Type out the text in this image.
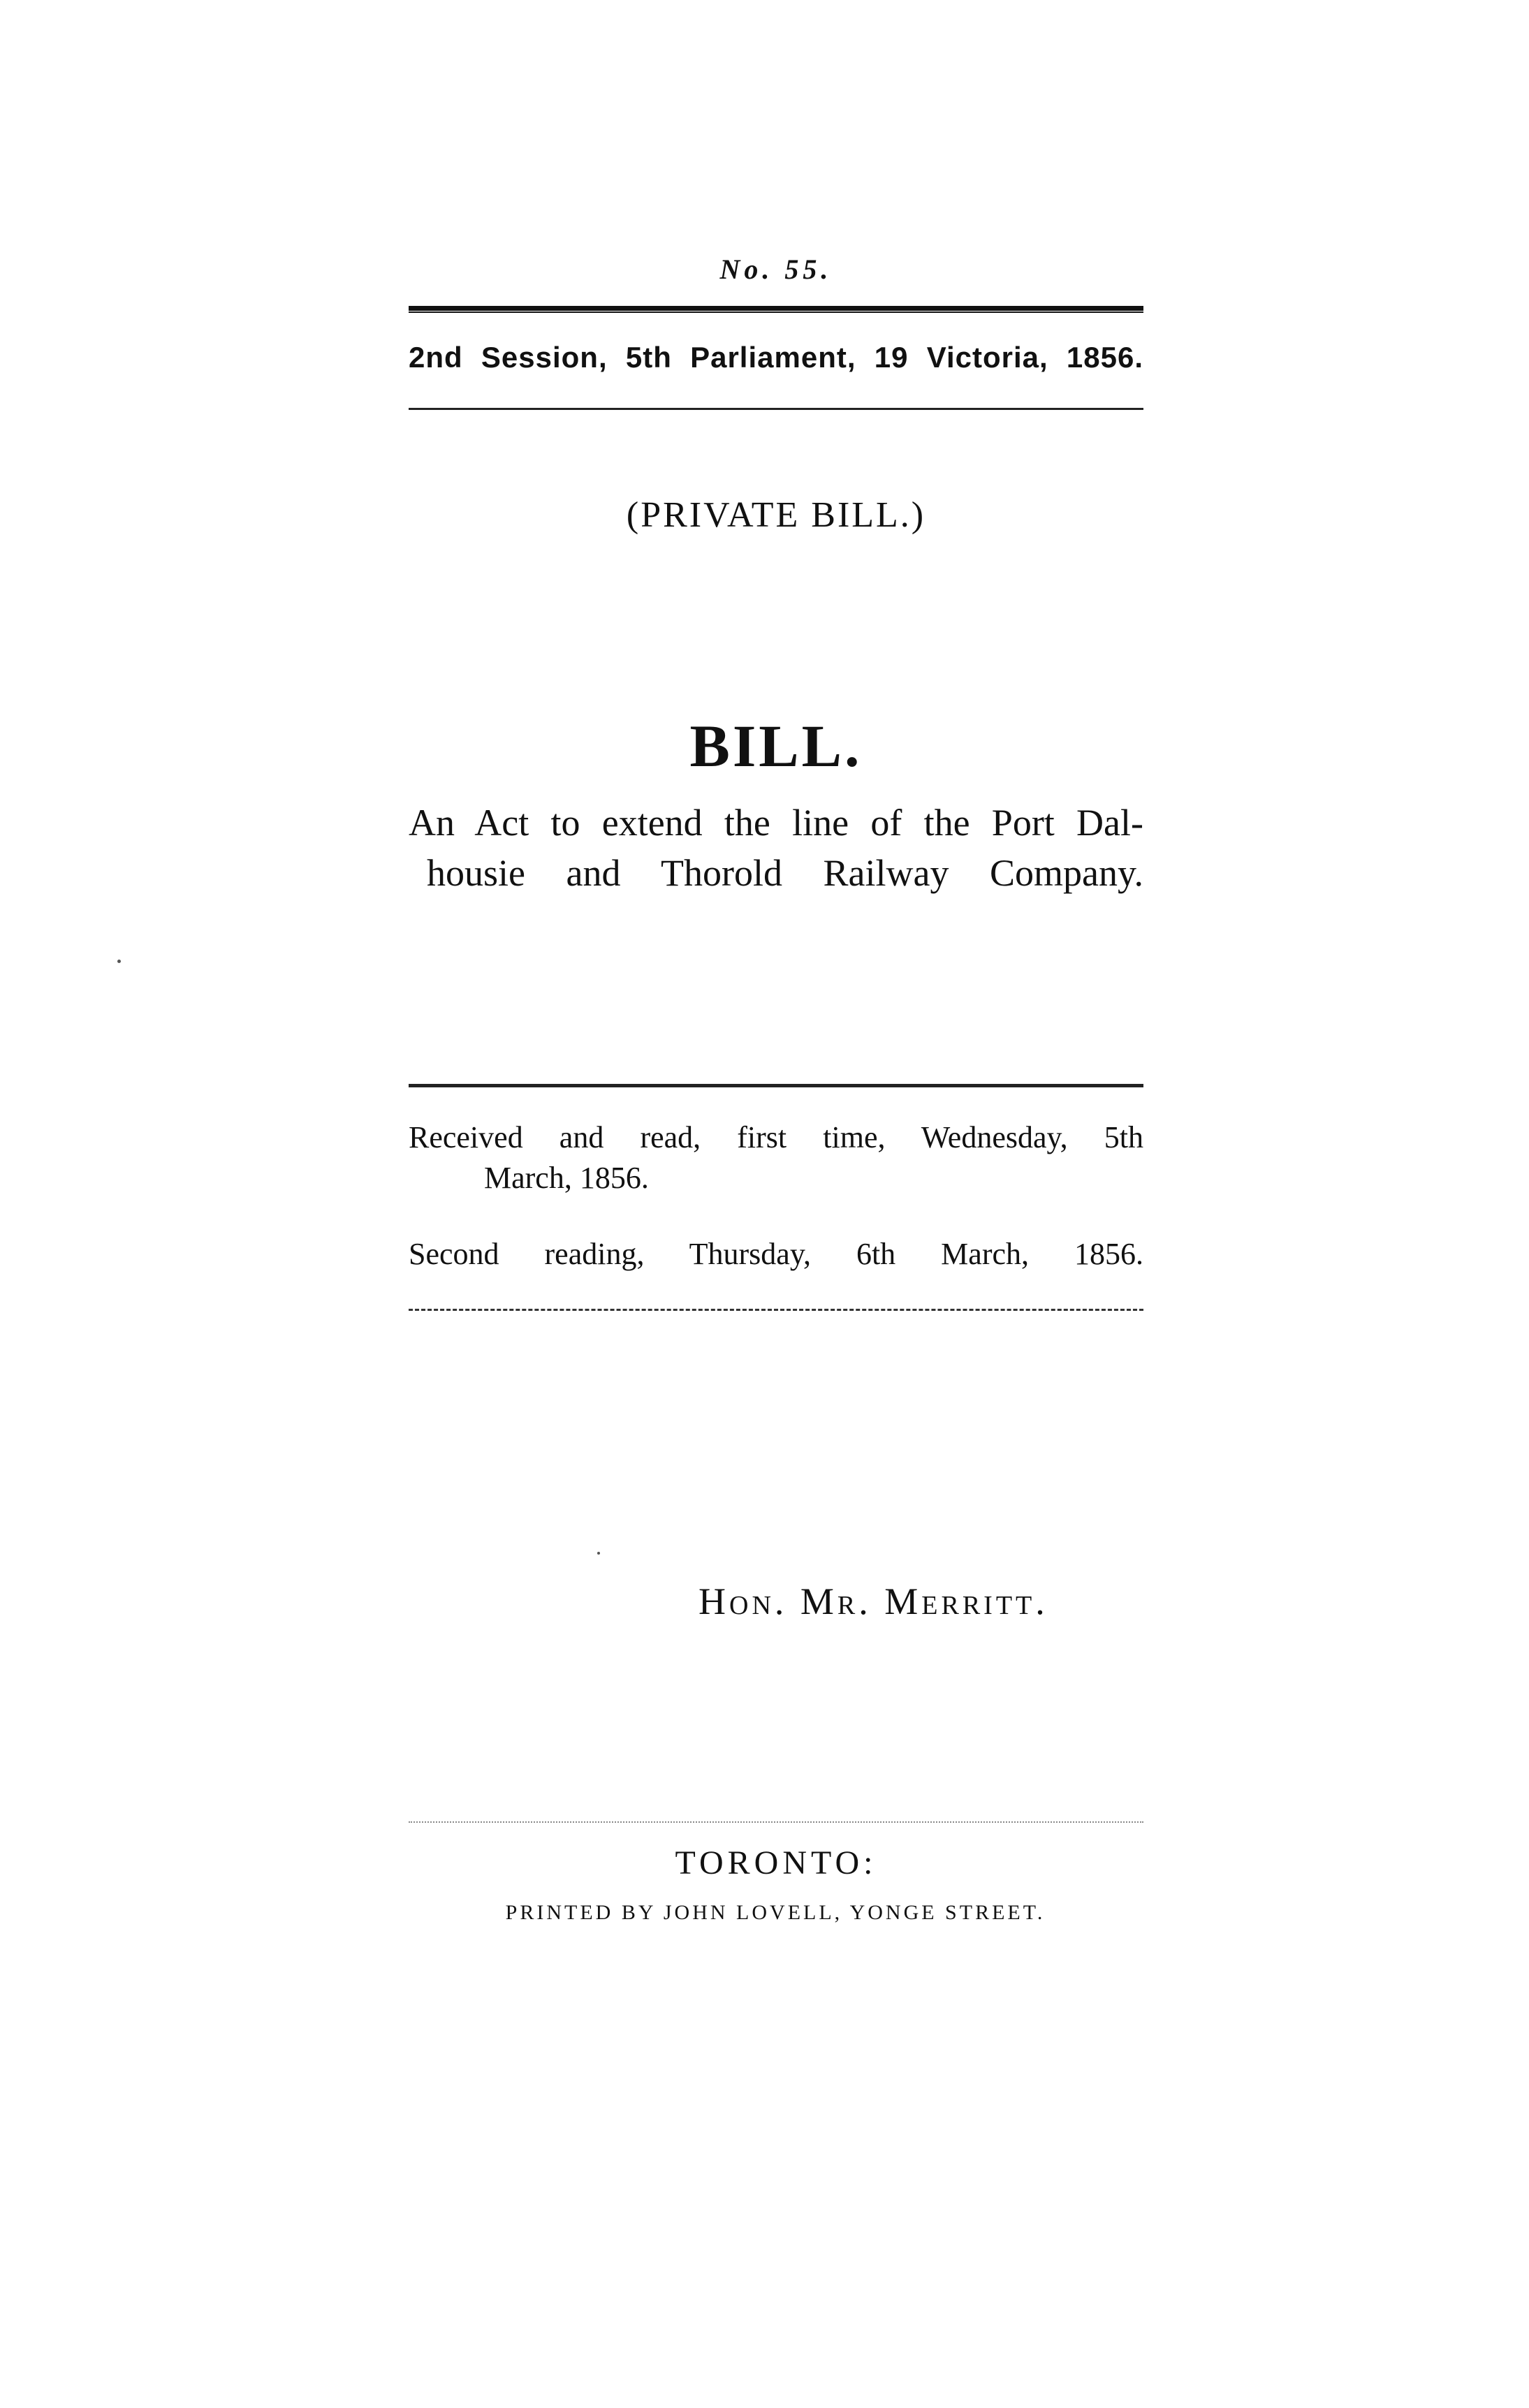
No. 55.
2nd Session, 5th Parliament, 19 Victoria, 1856.
(PRIVATE BILL.)
BILL.
An Act to extend the line of the Port Dal-
housie and Thorold Railway Company.
Received and read, first time, Wednesday, 5th
March, 1856.
Second reading, Thursday, 6th March, 1856.
Hon. Mr. Merritt.
TORONTO:
PRINTED BY JOHN LOVELL, YONGE STREET.
